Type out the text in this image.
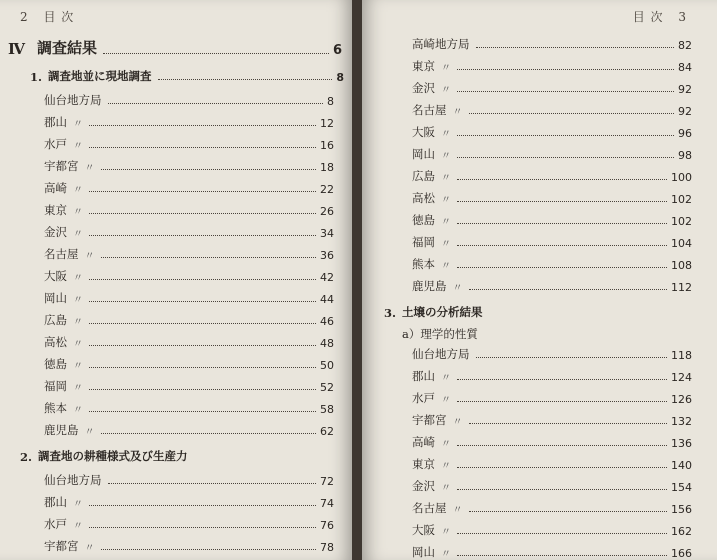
2 目 次
Ⅳ 調査結果	6
1. 調査地並に現地調査	8
仙台地方局	8
郡山 〃	12
水戸 〃	16
宇都宮 〃	18
高崎 〃	22
東京 〃	26
金沢 〃	34
名古屋 〃	36
大阪 〃	42
岡山 〃	44
広島 〃	46
高松 〃	48
徳島 〃	50
福岡 〃	52
熊本 〃	58
鹿児島 〃	62
2. 調査地の耕種様式及び生産力
仙台地方局	72
郡山 〃	74
水戸 〃	76
宇都宮 〃	78
目 次 3
高崎地方局	82
東京 〃	84
金沢 〃	92
名古屋 〃	92
大阪 〃	96
岡山 〃	98
広島 〃	100
高松 〃	102
徳島 〃	102
福岡 〃	104
熊本 〃	108
鹿児島 〃	112
3. 土壌の分析結果
a）理学的性質
仙台地方局	118
郡山 〃	124
水戸 〃	126
宇都宮 〃	132
高崎 〃	136
東京 〃	140
金沢 〃	154
名古屋 〃	156
大阪 〃	162
岡山 〃	166
